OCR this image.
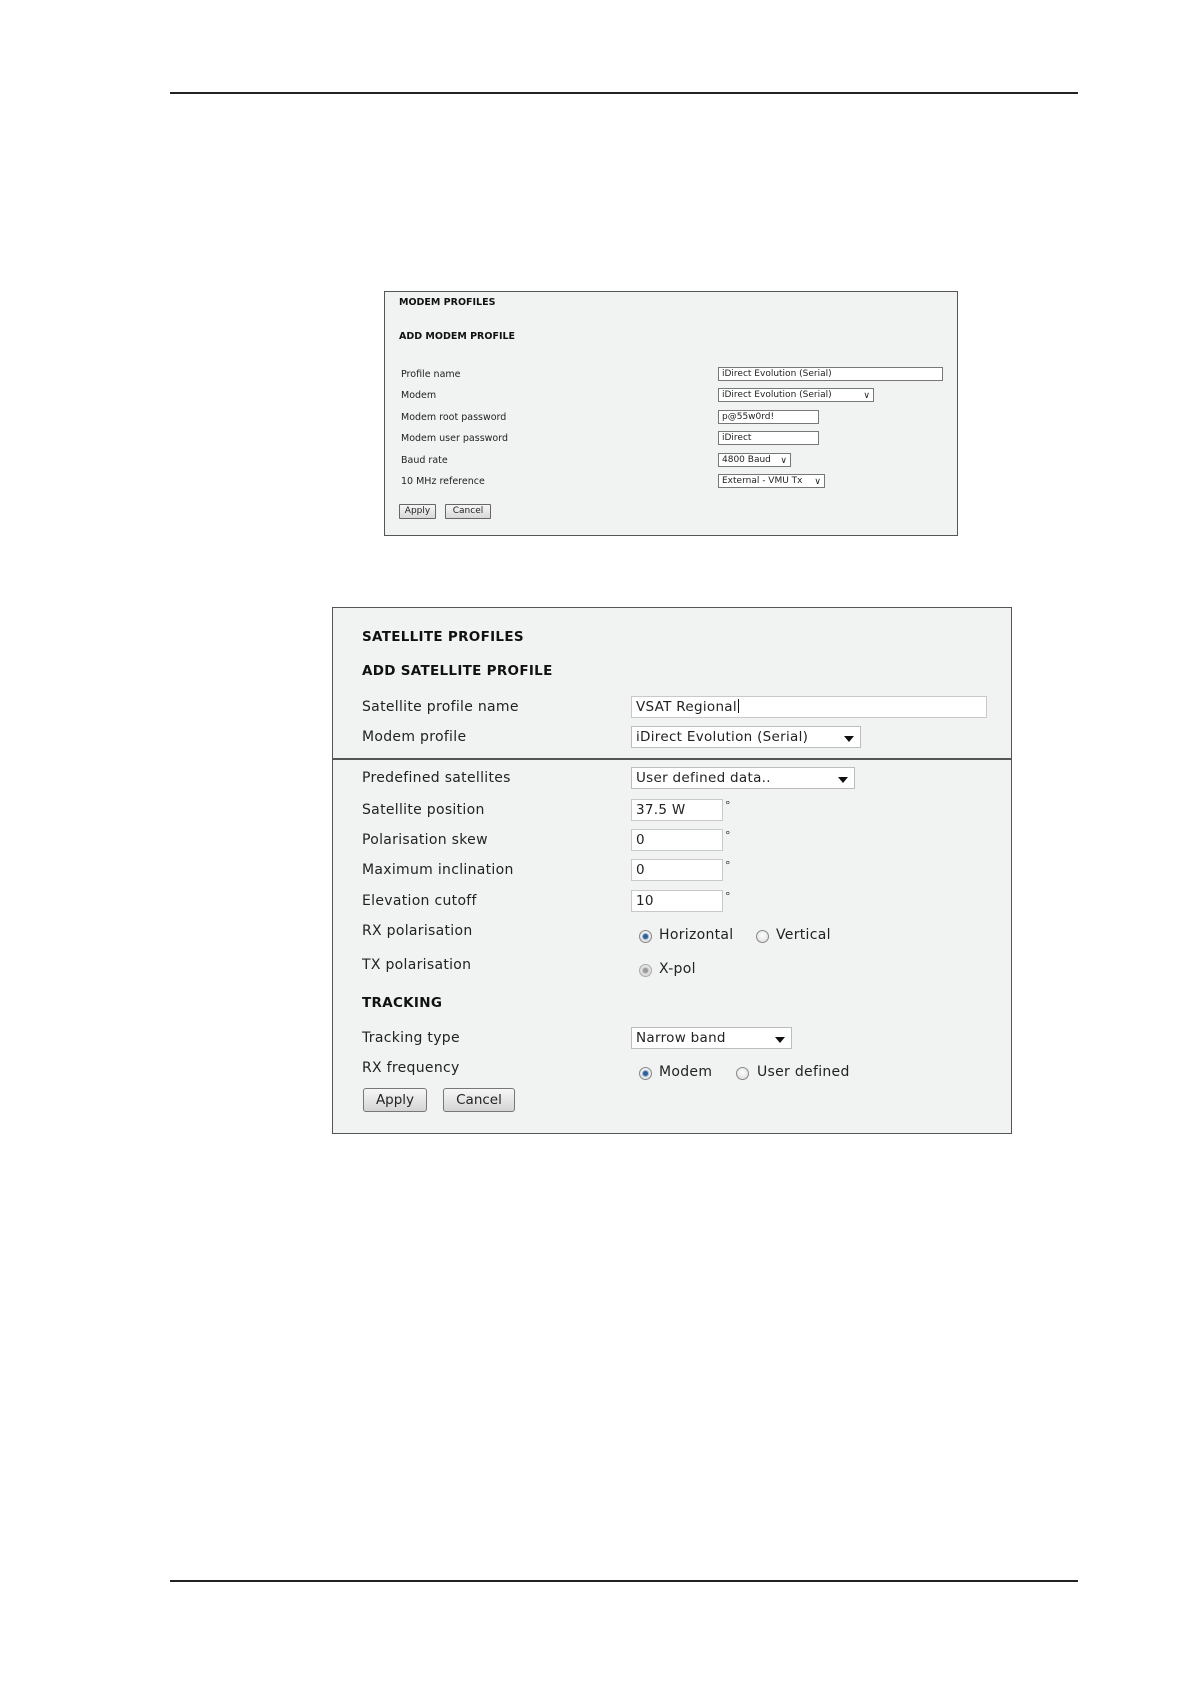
MODEM PROFILES
ADD MODEM PROFILE
Profile name	iDirect Evolution (Serial)
Modem	iDirect Evolution (Serial)	∨
Modem root password	p@55w0rd!
Modem user password	iDirect
Baud rate	4800 Baud ∨
10 MHz reference	External - VMU Tx ∨
Apply	Cancel
SATELLITE PROFILES
ADD SATELLITE PROFILE
Satellite profile name	VSAT Regional
Modem profile	iDirect Evolution (Serial)
Predefined satellites	User defined data..
Satellite position	37.5 W	°
Polarisation skew	0	°
Maximum inclination	0	°
Elevation cutoff	10	°
RX polarisation	Horizontal	Vertical
TX polarisation	X-pol
TRACKING
Tracking type	Narrow band
RX frequency	Modem	User defined
Apply	Cancel
